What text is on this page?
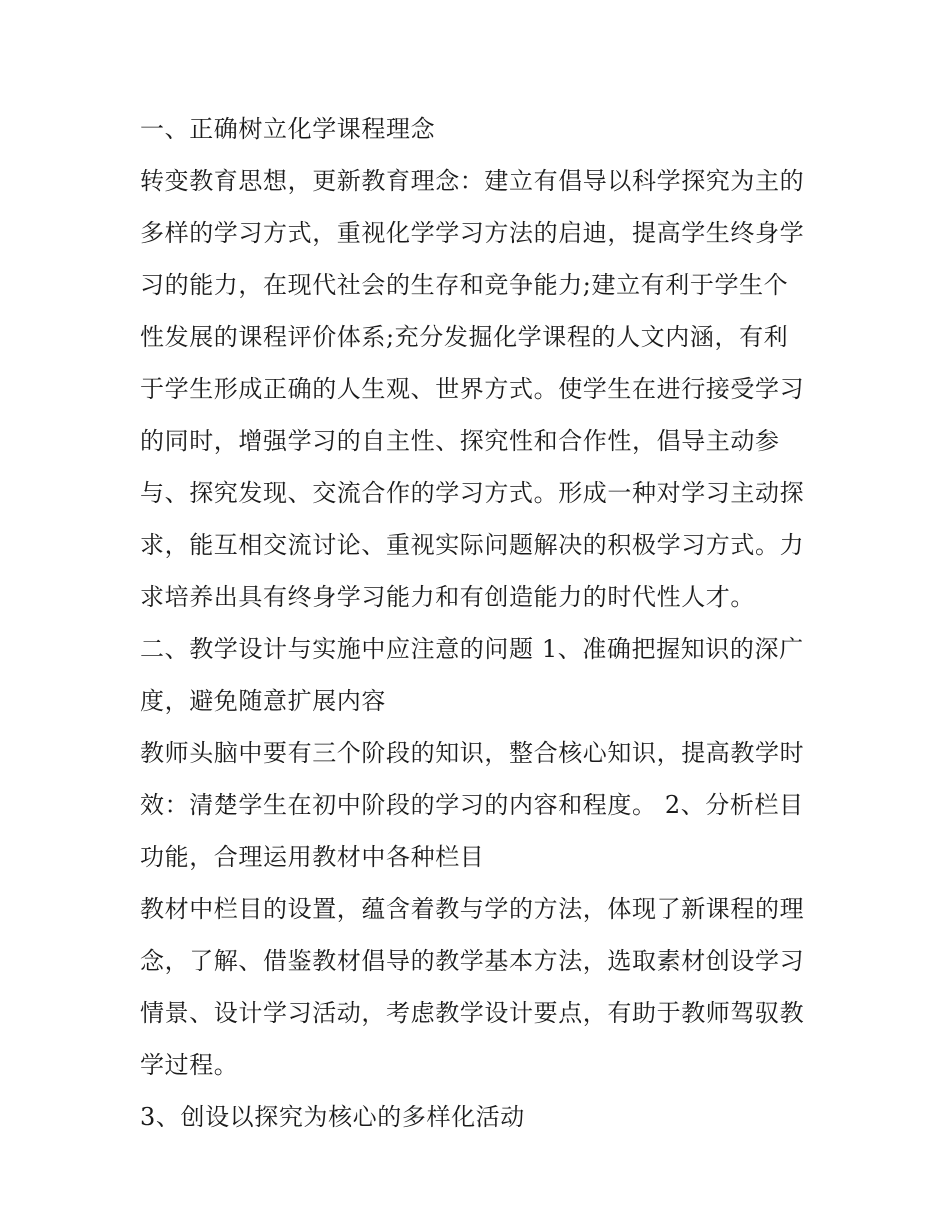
一、正确树立化学课程理念
转变教育思想，更新教育理念：建立有倡导以科学探究为主的
多样的学习方式，重视化学学习方法的启迪，提高学生终身学
习的能力，在现代社会的生存和竞争能力;建立有利于学生个
性发展的课程评价体系;充分发掘化学课程的人文内涵，有利
于学生形成正确的人生观、世界方式。使学生在进行接受学习
的同时，增强学习的自主性、探究性和合作性，倡导主动参
与、探究发现、交流合作的学习方式。形成一种对学习主动探
求，能互相交流讨论、重视实际问题解决的积极学习方式。力
求培养出具有终身学习能力和有创造能力的时代性人才。
二、教学设计与实施中应注意的问题 1、准确把握知识的深广
度，避免随意扩展内容
教师头脑中要有三个阶段的知识，整合核心知识，提高教学时
效：清楚学生在初中阶段的学习的内容和程度。 2、分析栏目
功能，合理运用教材中各种栏目
教材中栏目的设置，蕴含着教与学的方法，体现了新课程的理
念，了解、借鉴教材倡导的教学基本方法，选取素材创设学习
情景、设计学习活动，考虑教学设计要点，有助于教师驾驭教
学过程。
3、创设以探究为核心的多样化活动
